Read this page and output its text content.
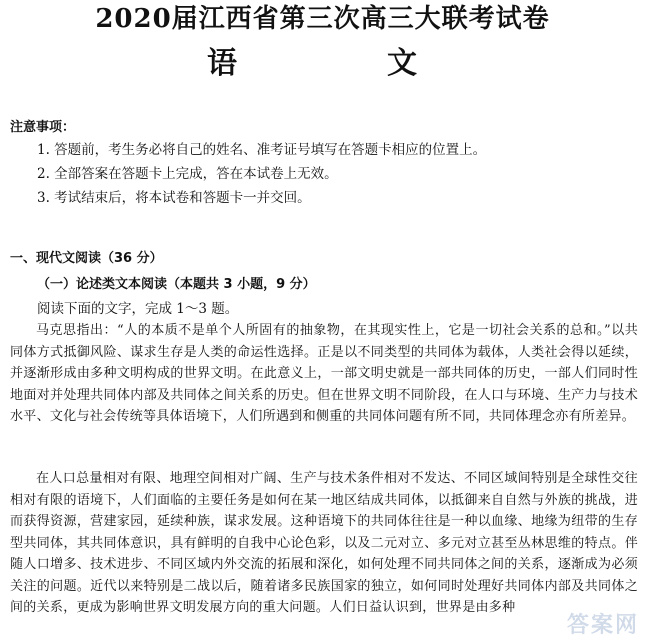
2020届江西省第三次高三大联考试卷
语	文
注意事项：
1. 答题前，考生务必将自己的姓名、准考证号填写在答题卡相应的位置上。
2. 全部答案在答题卡上完成，答在本试卷上无效。
3. 考试结束后，将本试卷和答题卡一并交回。
一、现代文阅读（36 分）
（一）论述类文本阅读（本题共 3 小题，9 分）
阅读下面的文字，完成 1～3 题。
马克思指出：“人的本质不是单个人所固有的抽象物，在其现实性上，它是一切社会关系的总和。”以共同体方式抵御风险、谋求生存是人类的命运性选择。正是以不同类型的共同体为载体，人类社会得以延续，并逐渐形成由多种文明构成的世界文明。在此意义上，一部文明史就是一部共同体的历史，一部人们同时性地面对并处理共同体内部及共同体之间关系的历史。但在世界文明不同阶段，在人口与环境、生产力与技术水平、文化与社会传统等具体语境下，人们所遇到和侧重的共同体问题有所不同，共同体理念亦有所差异。
在人口总量相对有限、地理空间相对广阔、生产与技术条件相对不发达、不同区域间特别是全球性交往相对有限的语境下，人们面临的主要任务是如何在某一地区结成共同体，以抵御来自自然与外族的挑战，进而获得资源，营建家园，延续种族，谋求发展。这种语境下的共同体往往是一种以血缘、地缘为纽带的生存型共同体，其共同体意识，具有鲜明的自我中心论色彩，以及二元对立、多元对立甚至丛林思维的特点。伴随人口增多、技术进步、不同区域内外交流的拓展和深化，如何处理不同共同体之间的关系，逐渐成为必须关注的问题。近代以来特别是二战以后，随着诸多民族国家的独立，如何同时处理好共同体内部及共同体之间的关系，更成为影响世界文明发展方向的重大问题。人们日益认识到，世界是由多种
答案网
